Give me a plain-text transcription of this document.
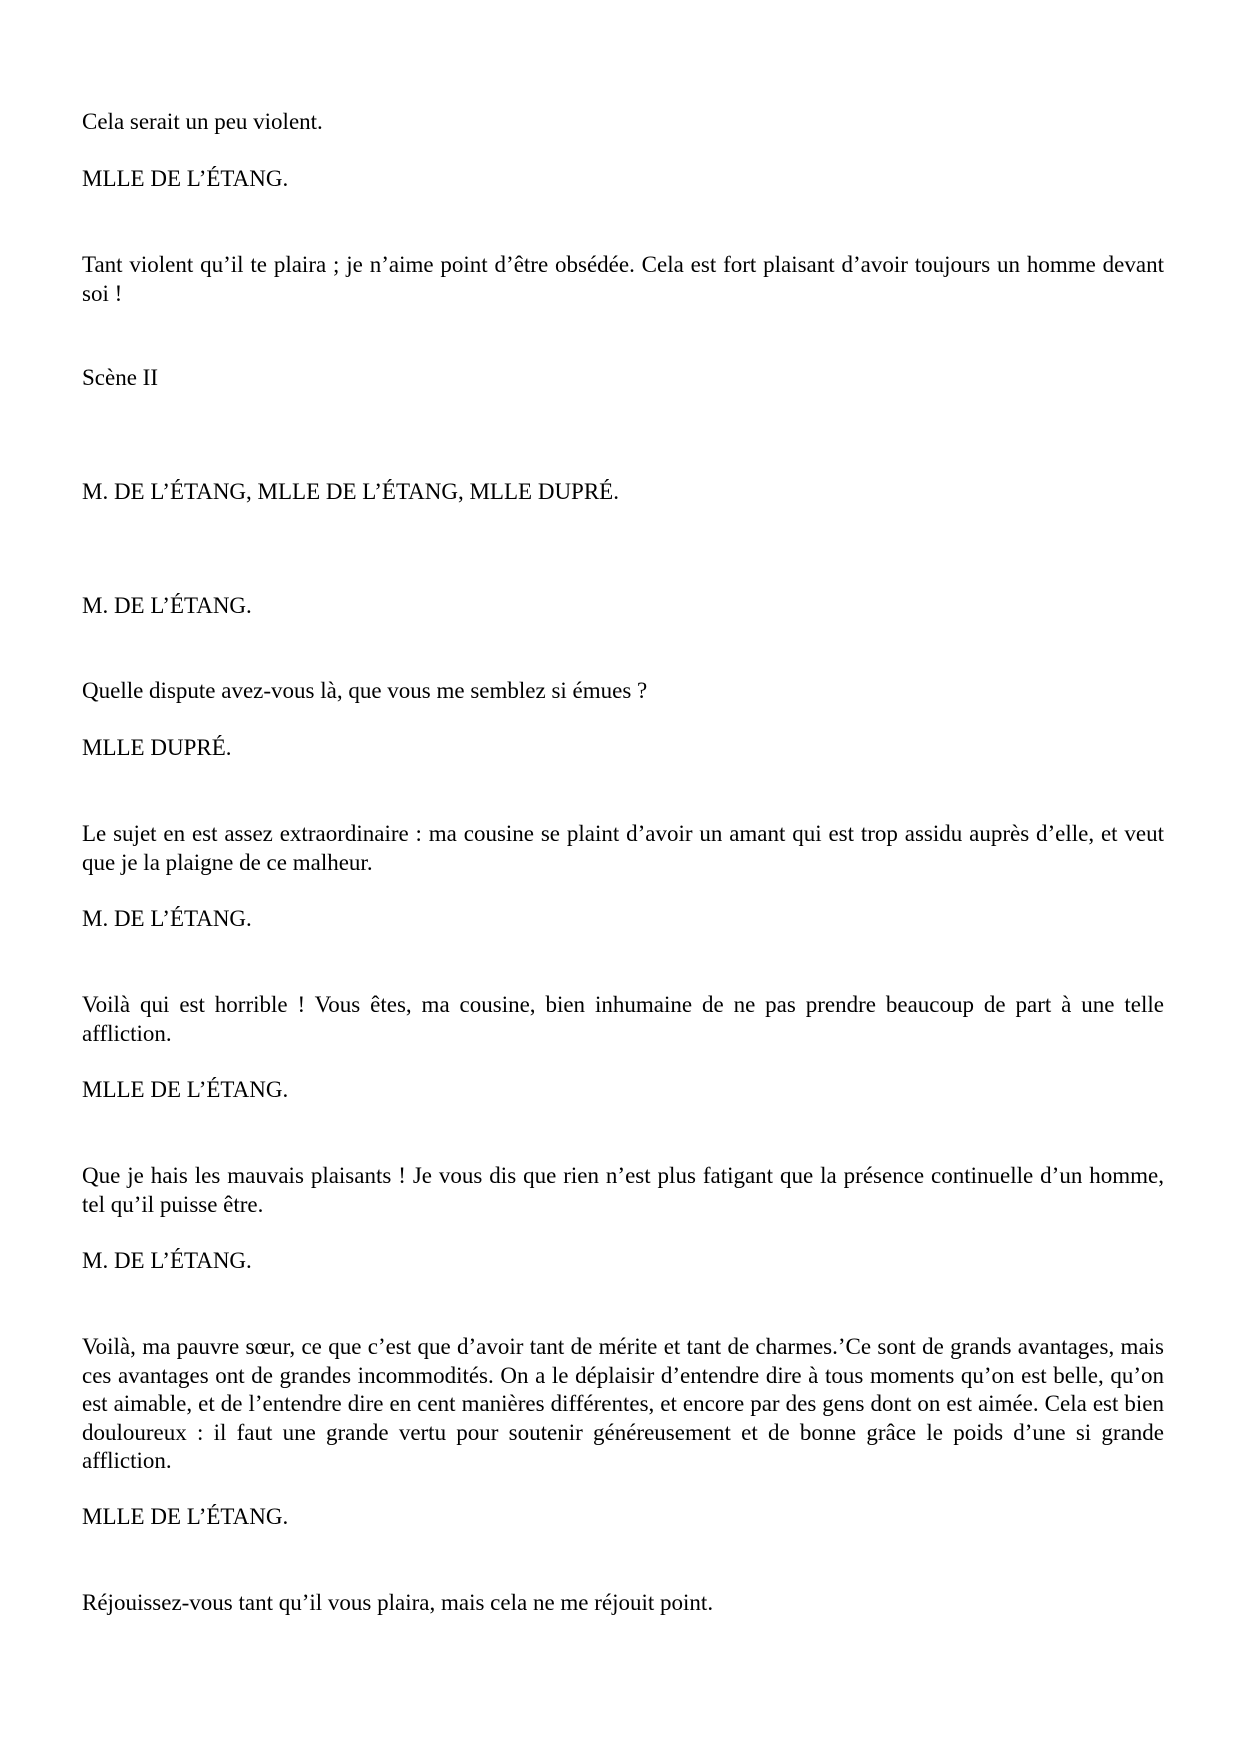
Cela serait un peu violent.

MLLE DE L’ÉTANG.

Tant violent qu’il te plaira ; je n’aime point d’être obsédée. Cela est fort plaisant d’avoir toujours un homme devant soi !

Scène II

M. DE L’ÉTANG, MLLE DE L’ÉTANG, MLLE DUPRÉ.

M. DE L’ÉTANG.

Quelle dispute avez-vous là, que vous me semblez si émues ?

MLLE DUPRÉ.

Le sujet en est assez extraordinaire : ma cousine se plaint d’avoir un amant qui est trop assidu auprès d’elle, et veut que je la plaigne de ce malheur.

M. DE L’ÉTANG.

Voilà qui est horrible ! Vous êtes, ma cousine, bien inhumaine de ne pas prendre beaucoup de part à une telle affliction.

MLLE DE L’ÉTANG.

Que je hais les mauvais plaisants ! Je vous dis que rien n’est plus fatigant que la présence continuelle d’un homme, tel qu’il puisse être.

M. DE L’ÉTANG.

Voilà, ma pauvre sœur, ce que c’est que d’avoir tant de mérite et tant de charmes.’Ce sont de grands avantages, mais ces avantages ont de grandes incommodités. On a le déplaisir d’entendre dire à tous moments qu’on est belle, qu’on est aimable, et de l’entendre dire en cent manières différentes, et encore par des gens dont on est aimée. Cela est bien douloureux : il faut une grande vertu pour soutenir généreusement et de bonne grâce le poids d’une si grande affliction.

MLLE DE L’ÉTANG.

Réjouissez-vous tant qu’il vous plaira, mais cela ne me réjouit point.
